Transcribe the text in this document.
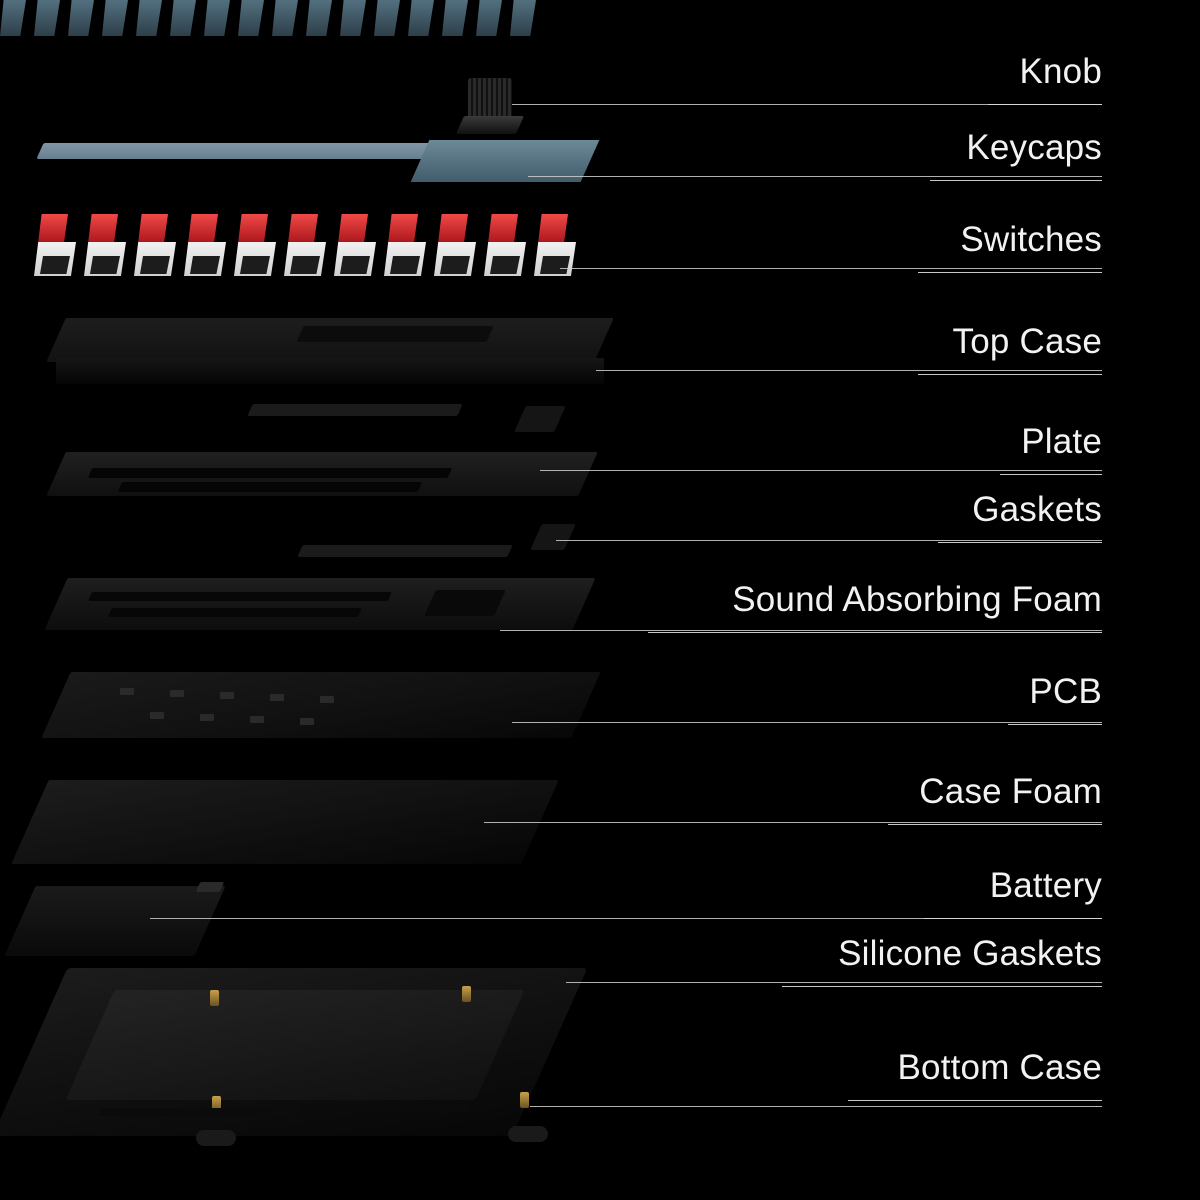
Knob
Keycaps
Switches
Top Case
Plate
Gaskets
Sound Absorbing Foam
PCB
Case Foam
Battery
Silicone Gaskets
Bottom Case
